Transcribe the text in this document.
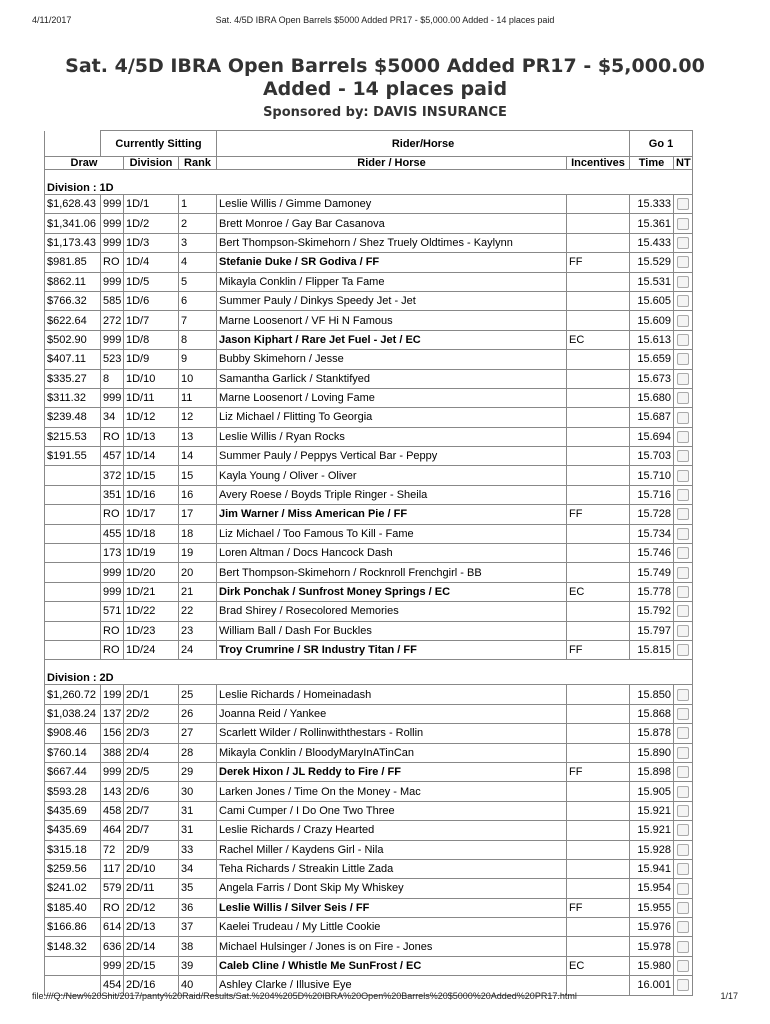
4/11/2017	Sat. 4/5D IBRA Open Barrels $5000 Added PR17 - $5,000.00 Added - 14 places paid
Sat. 4/5D IBRA Open Barrels $5000 Added PR17 - $5,000.00 Added - 14 places paid
Sponsored by: DAVIS INSURANCE
	Currently Sitting			Rider/Horse		Go 1	
Draw		Division	Rank	Rider / Horse	Incentives	Time	NT
Division : 1D							
$1,628.43	999	1D/1	1	Leslie Willis / Gimme Damoney		15.333	
$1,341.06	999	1D/2	2	Brett Monroe / Gay Bar Casanova		15.361	
$1,173.43	999	1D/3	3	Bert Thompson-Skimehorn / Shez Truely Oldtimes - Kaylynn		15.433	
$981.85	RO	1D/4	4	Stefanie Duke / SR Godiva / FF	FF	15.529	
$862.11	999	1D/5	5	Mikayla Conklin / Flipper Ta Fame		15.531	
$766.32	585	1D/6	6	Summer Pauly / Dinkys Speedy Jet - Jet		15.605	
$622.64	272	1D/7	7	Marne Loosenort / VF Hi N Famous		15.609	
$502.90	999	1D/8	8	Jason Kiphart / Rare Jet Fuel - Jet / EC	EC	15.613	
$407.11	523	1D/9	9	Bubby Skimehorn / Jesse		15.659	
$335.27	8	1D/10	10	Samantha Garlick / Stanktifyed		15.673	
$311.32	999	1D/11	11	Marne Loosenort / Loving Fame		15.680	
$239.48	34	1D/12	12	Liz Michael / Flitting To Georgia		15.687	
$215.53	RO	1D/13	13	Leslie Willis / Ryan Rocks		15.694	
$191.55	457	1D/14	14	Summer Pauly / Peppys Vertical Bar - Peppy		15.703	
	372	1D/15	15	Kayla Young / Oliver - Oliver		15.710	
	351	1D/16	16	Avery Roese / Boyds Triple Ringer - Sheila		15.716	
	RO	1D/17	17	Jim Warner / Miss American Pie / FF	FF	15.728	
	455	1D/18	18	Liz Michael / Too Famous To Kill - Fame		15.734	
	173	1D/19	19	Loren Altman / Docs Hancock Dash		15.746	
	999	1D/20	20	Bert Thompson-Skimehorn / Rocknroll Frenchgirl - BB		15.749	
	999	1D/21	21	Dirk Ponchak / Sunfrost Money Springs / EC	EC	15.778	
	571	1D/22	22	Brad Shirey / Rosecolored Memories		15.792	
	RO	1D/23	23	William Ball / Dash For Buckles		15.797	
	RO	1D/24	24	Troy Crumrine / SR Industry Titan / FF	FF	15.815	
Division : 2D							
$1,260.72	199	2D/1	25	Leslie Richards / Homeinadash		15.850	
$1,038.24	137	2D/2	26	Joanna Reid / Yankee		15.868	
$908.46	156	2D/3	27	Scarlett Wilder / Rollinwiththestars - Rollin		15.878	
$760.14	388	2D/4	28	Mikayla Conklin / BloodyMaryInATinCan		15.890	
$667.44	999	2D/5	29	Derek Hixon / JL Reddy to Fire / FF	FF	15.898	
$593.28	143	2D/6	30	Larken Jones / Time On the Money - Mac		15.905	
$435.69	458	2D/7	31	Cami Cumper / I Do One Two Three		15.921	
$435.69	464	2D/7	31	Leslie Richards / Crazy Hearted		15.921	
$315.18	72	2D/9	33	Rachel Miller / Kaydens Girl - Nila		15.928	
$259.56	117	2D/10	34	Teha Richards / Streakin Little Zada		15.941	
$241.02	579	2D/11	35	Angela Farris / Dont Skip My Whiskey		15.954	
$185.40	RO	2D/12	36	Leslie Willis / Silver Seis / FF	FF	15.955	
$166.86	614	2D/13	37	Kaelei Trudeau / My Little Cookie		15.976	
$148.32	636	2D/14	38	Michael Hulsinger / Jones is on Fire - Jones		15.978	
	999	2D/15	39	Caleb Cline / Whistle Me SunFrost / EC	EC	15.980	
	454	2D/16	40	Ashley Clarke / Illusive Eye		16.001	
file:///Q:/New%20Shit/2017/panty%20Raid/Results/Sat.%204%205D%20IBRA%20Open%20Barrels%20$5000%20Added%20PR17.html	1/17
